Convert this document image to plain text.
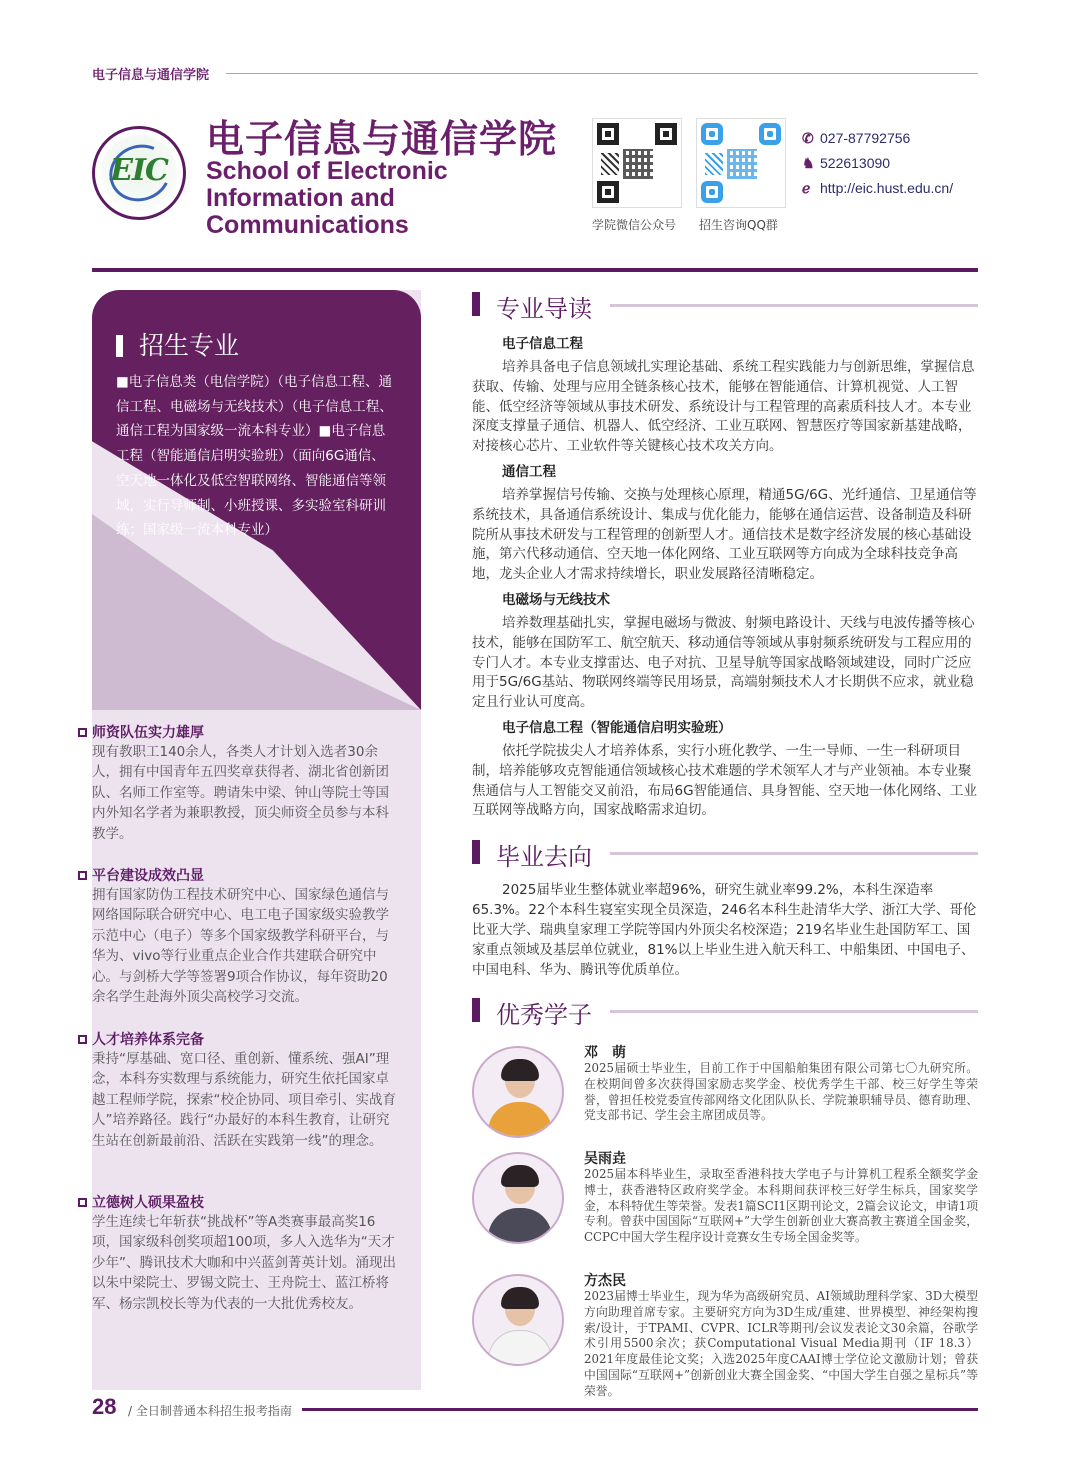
电子信息与通信学院
EIC
电子信息与通信学院
School of Electronic Information and Communications	学院微信公众号 招生咨询QQ群
✆ 027-87792756
♞ 522613090
ℯ http://eic.hust.edu.cn/
招生专业
■电子信息类（电信学院）（电子信息工程、通信工程、电磁场与无线技术）（电子信息工程、通信工程为国家级一流本科专业）■电子信息工程（智能通信启明实验班）（面向6G通信、空天地一体化及低空智联网络、智能通信等领域，实行导师制、小班授课、多实验室科研训练；国家级一流本科专业）
师资队伍实力雄厚
现有教职工140余人，各类人才计划入选者30余人，拥有中国青年五四奖章获得者、湖北省创新团队、名师工作室等。聘请朱中梁、钟山等院士等国内外知名学者为兼职教授，顶尖师资全员参与本科教学。
平台建设成效凸显
拥有国家防伪工程技术研究中心、国家绿色通信与网络国际联合研究中心、电工电子国家级实验教学示范中心（电子）等多个国家级教学科研平台，与华为、vivo等行业重点企业合作共建联合研究中心。与剑桥大学等签署9项合作协议，每年资助20余名学生赴海外顶尖高校学习交流。
人才培养体系完备
秉持“厚基础、宽口径、重创新、懂系统、强AI”理念，本科夯实数理与系统能力，研究生依托国家卓越工程师学院，探索“校企协同、项目牵引、实战育人”培养路径。践行“办最好的本科生教育，让研究生站在创新最前沿、活跃在实践第一线”的理念。
立德树人硕果盈枝
学生连续七年斩获“挑战杯”等A类赛事最高奖16项，国家级科创奖项超100项，多人入选华为“天才少年”、腾讯技术大咖和中兴蓝剑菁英计划。涌现出以朱中梁院士、罗锡文院士、王舟院士、蓝江桥将军、杨宗凯校长等为代表的一大批优秀校友。
专业导读
电子信息工程
培养具备电子信息领域扎实理论基础、系统工程实践能力与创新思维，掌握信息获取、传输、处理与应用全链条核心技术，能够在智能通信、计算机视觉、人工智能、低空经济等领域从事技术研发、系统设计与工程管理的高素质科技人才。本专业深度支撑量子通信、机器人、低空经济、工业互联网、智慧医疗等国家新基建战略，对接核心芯片、工业软件等关键核心技术攻关方向。
通信工程
培养掌握信号传输、交换与处理核心原理，精通5G/6G、光纤通信、卫星通信等系统技术，具备通信系统设计、集成与优化能力，能够在通信运营、设备制造及科研院所从事技术研发与工程管理的创新型人才。通信技术是数字经济发展的核心基础设施，第六代移动通信、空天地一体化网络、工业互联网等方向成为全球科技竞争高地，龙头企业人才需求持续增长，职业发展路径清晰稳定。
电磁场与无线技术
培养数理基础扎实，掌握电磁场与微波、射频电路设计、天线与电波传播等核心技术，能够在国防军工、航空航天、移动通信等领域从事射频系统研发与工程应用的专门人才。本专业支撑雷达、电子对抗、卫星导航等国家战略领域建设，同时广泛应用于5G/6G基站、物联网终端等民用场景，高端射频技术人才长期供不应求，就业稳定且行业认可度高。
电子信息工程（智能通信启明实验班）
依托学院拔尖人才培养体系，实行小班化教学、一生一导师、一生一科研项目制，培养能够攻克智能通信领域核心技术难题的学术领军人才与产业领袖。本专业聚焦通信与人工智能交叉前沿，布局6G智能通信、具身智能、空天地一体化网络、工业互联网等战略方向，国家战略需求迫切。
毕业去向
2025届毕业生整体就业率超96%，研究生就业率99.2%，本科生深造率65.3%。22个本科生寝室实现全员深造，246名本科生赴清华大学、浙江大学、哥伦比亚大学、瑞典皇家理工学院等国内外顶尖名校深造；219名毕业生赴国防军工、国家重点领域及基层单位就业，81%以上毕业生进入航天科工、中船集团、中国电子、中国电科、华为、腾讯等优质单位。
优秀学子
邓　萌
2025届硕士毕业生，目前工作于中国船舶集团有限公司第七〇九研究所。在校期间曾多次获得国家励志奖学金、校优秀学生干部、校三好学生等荣誉，曾担任校党委宣传部网络文化团队队长、学院兼职辅导员、德育助理、党支部书记、学生会主席团成员等。
吴雨垚
2025届本科毕业生，录取至香港科技大学电子与计算机工程系全额奖学金博士，获香港特区政府奖学金。本科期间获评校三好学生标兵，国家奖学金，本科特优生等荣誉。发表1篇SCI1区期刊论文，2篇会议论文，申请1项专利。曾获中国国际“互联网+”大学生创新创业大赛高教主赛道全国金奖，CCPC中国大学生程序设计竞赛女生专场全国金奖等。
方杰民
2023届博士毕业生，现为华为高级研究员、AI领域助理科学家、3D大模型方向助理首席专家。主要研究方向为3D生成/重建、世界模型、神经架构搜索/设计，于TPAMI、CVPR、ICLR等期刊/会议发表论文30余篇，谷歌学术引用5500余次；获Computational Visual Media期刊（IF 18.3）2021年度最佳论文奖；入选2025年度CAAI博士学位论文激励计划；曾获中国国际“互联网+”创新创业大赛全国金奖、“中国大学生自强之星标兵”等荣誉。
28 / 全日制普通本科招生报考指南
